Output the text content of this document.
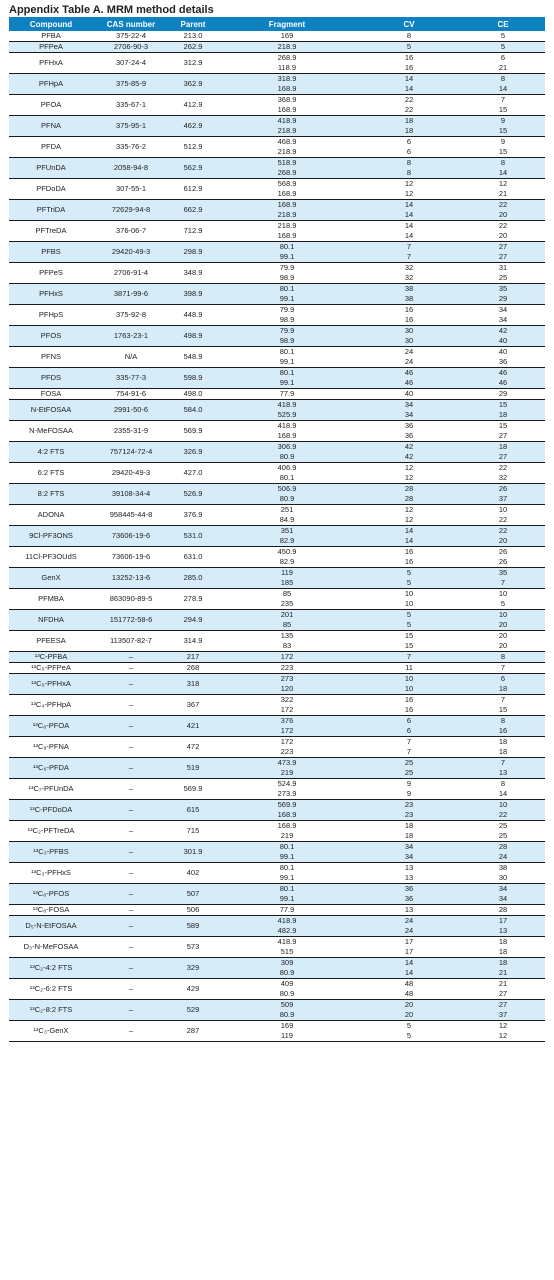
Appendix Table A. MRM method details
Compound	CAS number	Parent	Fragment	CV	CE
PFBA	375-22-4	213.0	169	8	5
PFPeA	2706-90-3	262.9	218.9	5	5
PFHxA	307-24-4	312.9	268.9	16	6
			118.9	16	21
PFHpA	375-85-9	362.9	318.9	14	8
			168.9	14	14
PFOA	335-67-1	412.9	368.9	22	7
			168.9	22	15
PFNA	375-95-1	462.9	418.9	18	9
			218.9	18	15
PFDA	335-76-2	512.9	468.9	6	9
			218.9	6	15
PFUnDA	2058-94-8	562.9	518.9	8	8
			268.9	8	14
PFDoDA	307-55-1	612.9	568.9	12	12
			168.9	12	21
PFTriDA	72629-94-8	662.9	168.9	14	22
			218.9	14	20
PFTreDA	376-06-7	712.9	218.9	14	22
			168.9	14	20
PFBS	29420-49-3	298.9	80.1	7	27
			99.1	7	27
PFPeS	2706-91-4	348.9	79.9	32	31
			98.9	32	25
PFHxS	3871-99-6	398.9	80.1	38	35
			99.1	38	29
PFHpS	375-92-8	448.9	79.9	16	34
			98.9	16	34
PFOS	1763-23-1	498.9	79.9	30	42
			98.9	30	40
PFNS	N/A	548.9	80.1	24	40
			99.1	24	36
PFDS	335-77-3	598.9	80.1	46	46
			99.1	46	46
FOSA	754-91-6	498.0	77.9	40	29
N-EtFOSAA	2991-50-6	584.0	418.9	34	15
			525.9	34	18
N-MeFOSAA	2355-31-9	569.9	418.9	36	15
			168.9	36	27
4:2 FTS	757124-72-4	326.9	306.9	42	18
			80.9	42	27
6:2 FTS	29420-49-3	427.0	406.9	12	22
			80.1	12	32
8:2 FTS	39108-34-4	526.9	506.9	28	26
			80.9	28	37
ADONA	958445-44-8	376.9	251	12	10
			84.9	12	22
9Cl-PF3ONS	73606-19-6	531.0	351	14	22
			82.9	14	20
11Cl-PF3OUdS	73606-19-6	631.0	450.9	16	26
			82.9	16	26
GenX	13252-13-6	285.0	119	5	35
			185	5	7
PFMBA	863090-89-5	278.9	85	10	10
			235	10	5
NFDHA	151772-58-6	294.9	201	5	10
			85	5	20
PFEESA	113507-82-7	314.9	135	15	20
			83	15	20
¹³C-PFBA	–	217	172	7	8
¹³C₅-PFPeA	–	268	223	11	7
¹³C₅-PFHxA	–	318	273	10	6
			120	10	18
¹³C₄-PFHpA	–	367	322	16	7
			172	16	15
¹³C₈-PFOA	–	421	376	6	8
			172	6	16
¹³C₉-PFNA	–	472	172	7	18
			223	7	18
¹³C₆-PFDA	–	519	473.9	25	7
			219	25	13
¹³C₇-PFUnDA	–	569.9	524.9	9	8
			273.9	9	14
¹³C-PFDoDA	–	615	569.9	23	10
			168.9	23	22
¹³C₂-PFTreDA	–	715	168.9	18	25
			219	18	25
¹³C₃-PFBS	–	301.9	80.1	34	28
			99.1	34	24
¹³C₃-PFHxS	–	402	80.1	13	38
			99.1	13	30
¹³C₈-PFOS	–	507	80.1	36	34
			99.1	36	34
¹³C₈-FOSA	–	506	77.9	13	28
D₅-N-EtFOSAA	–	589	418.9	24	17
			482.9	24	13
D₃-N-MeFOSAA	–	573	418.9	17	18
			515	17	18
¹³C₂-4:2 FTS	–	329	309	14	18
			80.9	14	21
¹³C₂-6:2 FTS	–	429	409	48	21
			80.9	48	27
¹³C₂-8:2 FTS	–	529	509	20	27
			80.9	20	37
¹³C₃-GenX	–	287	169	5	12
			119	5	12
